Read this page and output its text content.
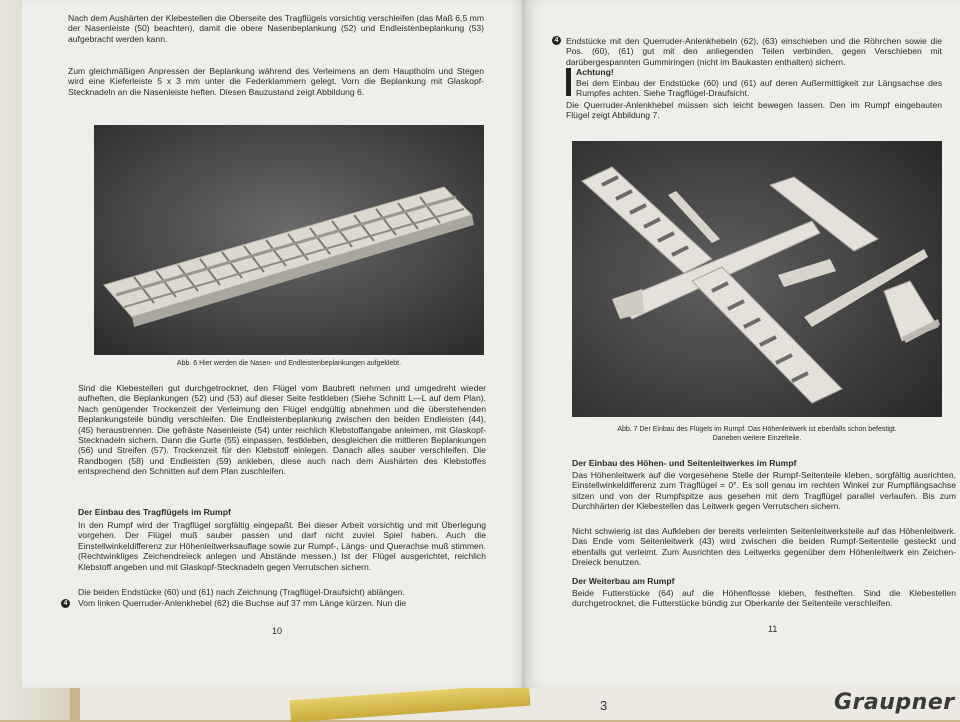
Nach dem Aushärten der Klebestellen die Oberseite des Tragflügels vorsichtig verschleifen (das Maß 6,5 mm der Nasenleiste (50) beachten), damit die obere Nasenbeplankung (52) und Endleistenbeplankung (53) aufgebracht werden kann.

Zum gleichmäßigen Anpressen der Beplankung während des Verleimens an dem Hauptholm und Stegen wird eine Kieferleiste 5 x 3 mm unter die Federklammern gelegt. Vorn die Beplankung mit Glaskopf-Stecknadeln an die Nasenleiste heften. Diesen Bauzustand zeigt Abbildung 6.

Abb. 6 Hier werden die Nasen- und Endleistenbeplankungen aufgeklebt.

Sind die Klebestellen gut durchgetrocknet, den Flügel vom Baubrett nehmen und umgedreht wieder aufheften, die Beplankungen (52) und (53) auf dieser Seite festkleben (Siehe Schnitt L—L auf dem Plan). Nach genügender Trockenzeit der Verleimung den Flügel endgültig abnehmen und die überstehenden Beplankungsteile bündig verschleifen. Die Endleistenbeplankung zwischen den beiden Endleisten (44), (45) heraustrennen. Die gefräste Nasenleiste (54) unter reichlich Klebstoffangabe anleimen, mit Glaskopf-Stecknadeln sichern. Dann die Gurte (55) einpassen, festkleben, desgleichen die mittleren Beplankungen (56) und Streifen (57). Trockenzeit für den Klebstoff einlegen. Danach alles sauber verschleifen. Die Randbogen (58) und Endleisten (59) ankleben, diese auch nach dem Aushärten des Klebstoffes entsprechend den Schnitten auf dem Plan zuschleifen.

Der Einbau des Tragflügels im Rumpf

In den Rumpf wird der Tragflügel sorgfältig eingepaßt. Bei dieser Arbeit vorsichtig und mit Überlegung vorgehen. Der Flügel muß sauber passen und darf nicht zuviel Spiel haben. Auch die Einstellwinkeldifferenz zur Höhenleitwerksauflage sowie zur Rumpf-, Längs- und Querachse muß stimmen. (Rechtwinkliges Zeichendreieck anlegen und Abstände messen.) Ist der Flügel ausgerichtet, reichlich Klebstoff angeben und mit Glaskopf-Stecknadeln gegen Verrutschen sichern.

Die beiden Endstücke (60) und (61) nach Zeichnung (Tragflügel-Draufsicht) ablängen.

4 Vom linken Querruder-Anlenkhebel (62) die Buchse auf 37 mm Länge kürzen. Nun die

10
4 Endstücke mit den Querruder-Anlenkhebeln (62), (63) einschieben und die Röhrchen sowie die Pos. (60), (61) gut mit den anliegenden Teilen verbinden, gegen Verschieben mit darübergespannten Gummiringen (nicht im Baukasten enthalten) sichern.

Achtung!

Bei dem Einbau der Endstücke (60) und (61) auf deren Außermittigkeit zur Längsachse des Rumpfes achten. Siehe Tragflügel-Draufsicht.

Die Querruder-Anlenkhebel müssen sich leicht bewegen lassen. Den im Rumpf eingebauten Flügel zeigt Abbildung 7.

Abb. 7 Der Einbau des Flügels im Rumpf. Das Höhenleitwerk ist ebenfalls schon befestigt.
Daneben weitere Einzelteile.
Der Einbau des Höhen- und Seitenleitwerkes im Rumpf

Das Höhenleitwerk auf die vorgesehene Stelle der Rumpf-Seitenteile kleben, sorgfältig ausrichten, Einstellwinkeldifferenz zum Tragflügel = 0°. Es soll genau im rechten Winkel zur Rumpflängsachse sitzen und von der Rumpfspitze aus gesehen mit dem Tragflügel parallel verlaufen. Bis zum Durchhärten der Klebestellen das Leitwerk gegen Verrutschen sichern.

Nicht schwierig ist das Aufkleben der bereits verleimten Seitenleitwerksteile auf das Höhenleitwerk. Das Ende vom Seitenleitwerk (43) wird zwischen die beiden Rumpf-Seitenteile gesteckt und ebenfalls gut verleimt. Zum Ausrichten des Leitwerks gegenüber dem Höhenleitwerk ein Zeichen-Dreieck benutzen.

Der Weiterbau am Rumpf

Beide Futterstücke (64) auf die Höhenflosse kleben, festheften. Sind die Klebestellen durchgetrocknet, die Futterstücke bündig zur Oberkante der Seitenteile verschleifen.

11
3	Graupner
